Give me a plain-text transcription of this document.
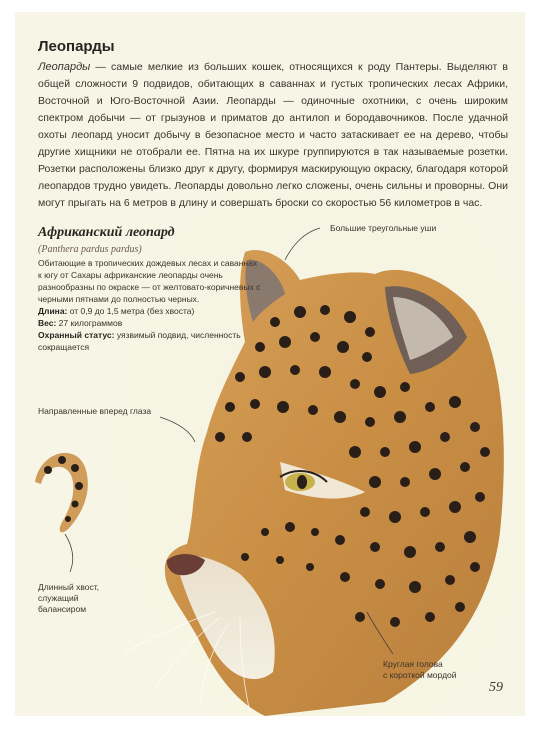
Леопарды
Леопарды — самые мелкие из больших кошек, относящихся к роду Пантеры. Выделяют в общей сложности 9 подвидов, обитающих в саваннах и густых тропических лесах Африки, Восточной и Юго-Восточной Азии. Леопарды — одиночные охотники, с очень широким спектром добычи — от грызунов и приматов до антилоп и бородавочников. После удачной охоты леопард уносит добычу в безопасное место и часто затаскивает ее на дерево, чтобы другие хищники не отобрали ее. Пятна на их шкуре группируются в так называемые розетки. Розетки расположены близко друг к другу, формируя маскирующую окраску, благодаря которой леопардов трудно увидеть. Леопарды довольно легко сложены, очень сильны и проворны. Они могут прыгать на 6 метров в длину и совершать броски со скоростью 56 километров в час.
Африканский леопард
(Panthera pardus pardus)
Обитающие в тропических дождевых лесах и саваннах к югу от Сахары африканские леопарды очень разнообразны по окраске — от желтовато-коричневых с черными пятнами до полностью черных.
Длина: от 0,9 до 1,5 метра (без хвоста)
Вес: 27 килограммов
Охранный статус: уязвимый подвид, численность сокращается
Большие треугольные уши
Направленные вперед глаза
Длинный хвост,
служащий
балансиром
Круглая голова
с короткой мордой
59
